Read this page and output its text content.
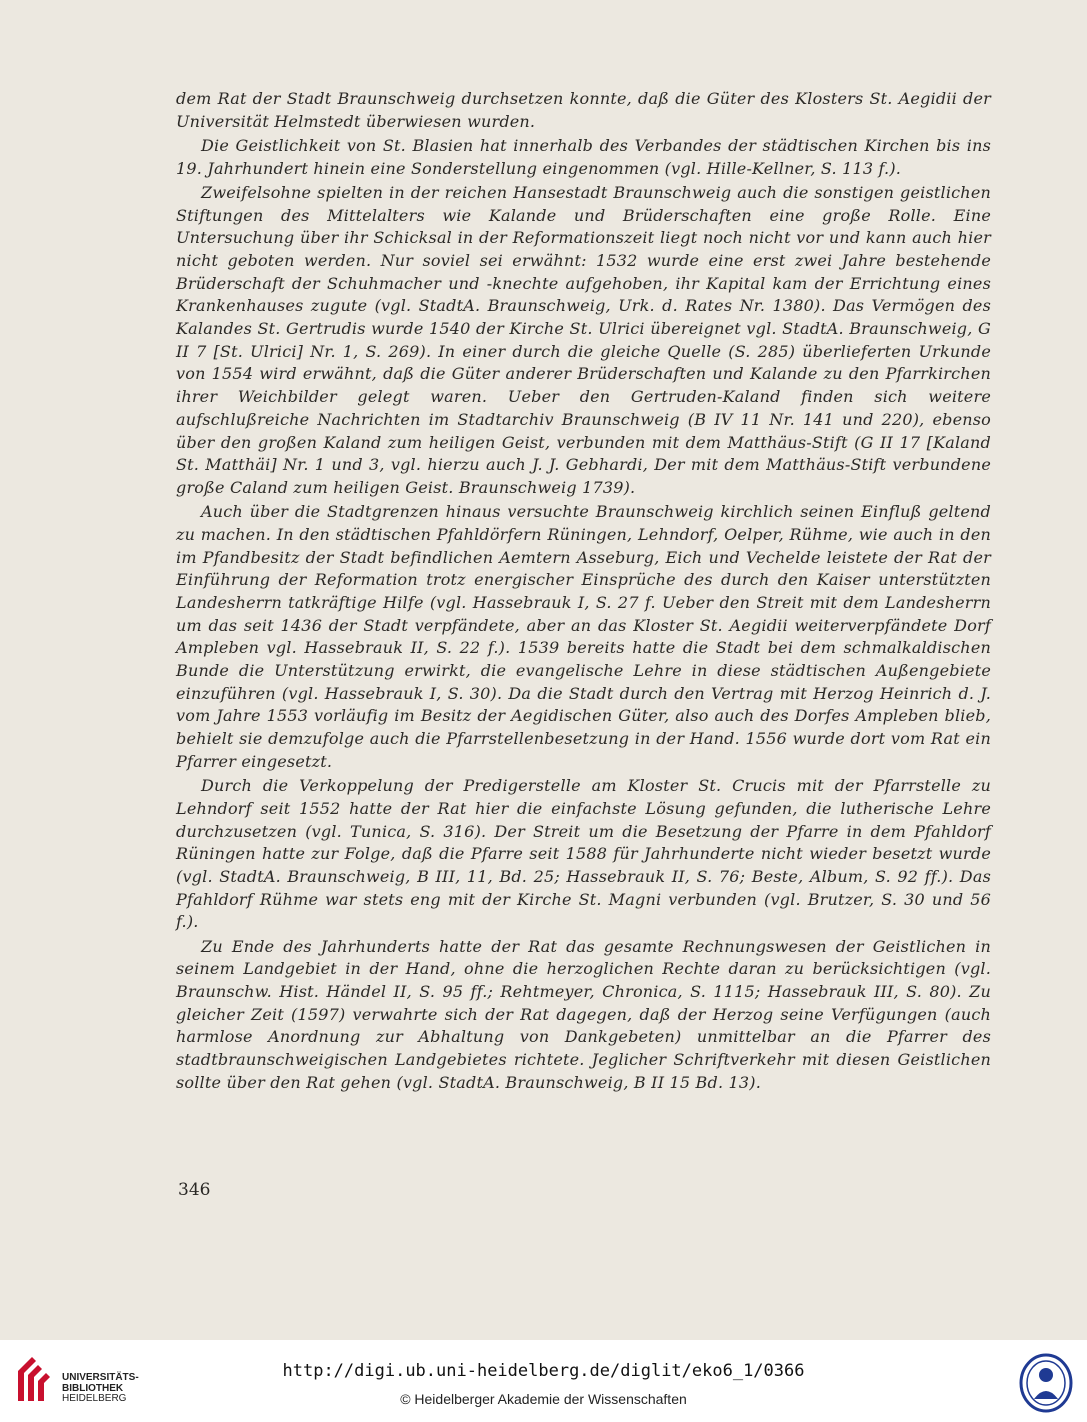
dem Rat der Stadt Braunschweig durchsetzen konnte, daß die Güter des Klosters St. Aegidii der Universität Helmstedt überwiesen wurden.

Die Geistlichkeit von St. Blasien hat innerhalb des Verbandes der städtischen Kirchen bis ins 19. Jahrhundert hinein eine Sonderstellung eingenommen (vgl. Hille-Kellner, S. 113 f.).

Zweifelsohne spielten in der reichen Hansestadt Braunschweig auch die sonstigen geistlichen Stiftungen des Mittelalters wie Kalande und Brüderschaften eine große Rolle. Eine Untersuchung über ihr Schicksal in der Reformationszeit liegt noch nicht vor und kann auch hier nicht geboten werden. Nur soviel sei erwähnt: 1532 wurde eine erst zwei Jahre bestehende Brüderschaft der Schuhmacher und -knechte aufgehoben, ihr Kapital kam der Errichtung eines Krankenhauses zugute (vgl. StadtA. Braunschweig, Urk. d. Rates Nr. 1380). Das Vermögen des Kalandes St. Gertrudis wurde 1540 der Kirche St. Ulrici übereignet vgl. StadtA. Braunschweig, G II 7 [St. Ulrici] Nr. 1, S. 269). In einer durch die gleiche Quelle (S. 285) überlieferten Urkunde von 1554 wird erwähnt, daß die Güter anderer Brüderschaften und Kalande zu den Pfarrkirchen ihrer Weichbilder gelegt waren. Ueber den Gertruden-Kaland finden sich weitere aufschlußreiche Nachrichten im Stadtarchiv Braunschweig (B IV 11 Nr. 141 und 220), ebenso über den großen Kaland zum heiligen Geist, verbunden mit dem Matthäus-Stift (G II 17 [Kaland St. Matthäi] Nr. 1 und 3, vgl. hierzu auch J. J. Gebhardi, Der mit dem Matthäus-Stift verbundene große Caland zum heiligen Geist. Braunschweig 1739).

Auch über die Stadtgrenzen hinaus versuchte Braunschweig kirchlich seinen Einfluß geltend zu machen. In den städtischen Pfahldörfern Rüningen, Lehndorf, Oelper, Rühme, wie auch in den im Pfandbesitz der Stadt befindlichen Aemtern Asseburg, Eich und Vechelde leistete der Rat der Einführung der Reformation trotz energischer Einsprüche des durch den Kaiser unterstützten Landesherrn tatkräftige Hilfe (vgl. Hassebrauk I, S. 27 f. Ueber den Streit mit dem Landesherrn um das seit 1436 der Stadt verpfändete, aber an das Kloster St. Aegidii weiterverpfändete Dorf Ampleben vgl. Hassebrauk II, S. 22 f.). 1539 bereits hatte die Stadt bei dem schmalkaldischen Bunde die Unterstützung erwirkt, die evangelische Lehre in diese städtischen Außengebiete einzuführen (vgl. Hassebrauk I, S. 30). Da die Stadt durch den Vertrag mit Herzog Heinrich d. J. vom Jahre 1553 vorläufig im Besitz der Aegidischen Güter, also auch des Dorfes Ampleben blieb, behielt sie demzufolge auch die Pfarrstellenbesetzung in der Hand. 1556 wurde dort vom Rat ein Pfarrer eingesetzt.

Durch die Verkoppelung der Predigerstelle am Kloster St. Crucis mit der Pfarrstelle zu Lehndorf seit 1552 hatte der Rat hier die einfachste Lösung gefunden, die lutherische Lehre durchzusetzen (vgl. Tunica, S. 316). Der Streit um die Besetzung der Pfarre in dem Pfahldorf Rüningen hatte zur Folge, daß die Pfarre seit 1588 für Jahrhunderte nicht wieder besetzt wurde (vgl. StadtA. Braunschweig, B III, 11, Bd. 25; Hassebrauk II, S. 76; Beste, Album, S. 92 ff.). Das Pfahldorf Rühme war stets eng mit der Kirche St. Magni verbunden (vgl. Brutzer, S. 30 und 56 f.).

Zu Ende des Jahrhunderts hatte der Rat das gesamte Rechnungswesen der Geistlichen in seinem Landgebiet in der Hand, ohne die herzoglichen Rechte daran zu berücksichtigen (vgl. Braunschw. Hist. Händel II, S. 95 ff.; Rehtmeyer, Chronica, S. 1115; Hassebrauk III, S. 80). Zu gleicher Zeit (1597) verwahrte sich der Rat dagegen, daß der Herzog seine Verfügungen (auch harmlose Anordnung zur Abhaltung von Dankgebeten) unmittelbar an die Pfarrer des stadtbraunschweigischen Landgebietes richtete. Jeglicher Schriftverkehr mit diesen Geistlichen sollte über den Rat gehen (vgl. StadtA. Braunschweig, B II 15 Bd. 13).

346
UNIVERSITÄTS-
BIBLIOTHEK
HEIDELBERG
http://digi.ub.uni-heidelberg.de/diglit/eko6_1/0366
© Heidelberger Akademie der Wissenschaften
